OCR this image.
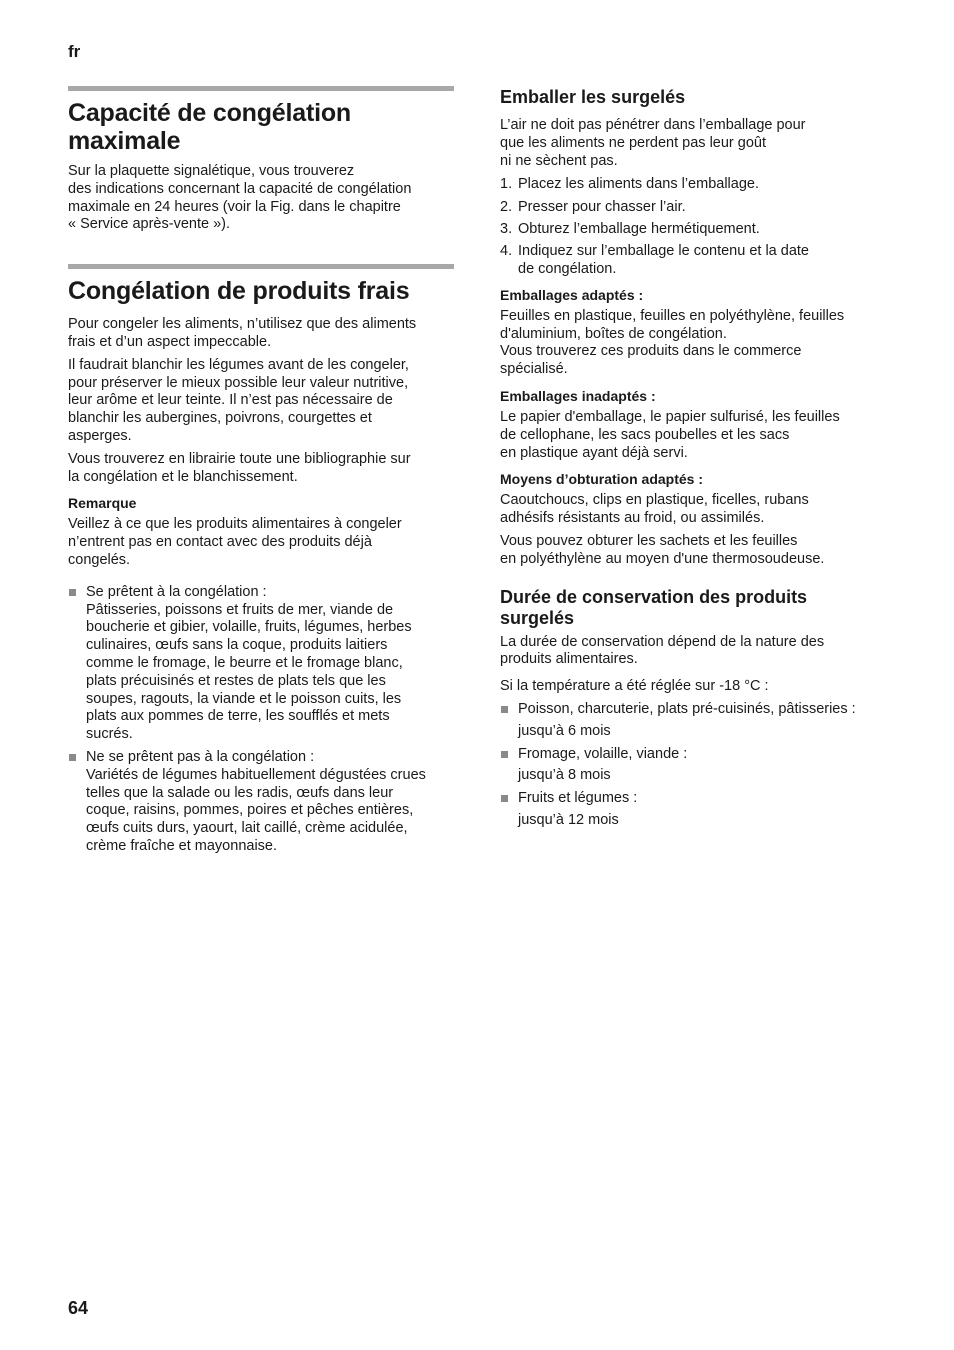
fr
Capacité de congélation
maximale

Sur la plaquette signalétique, vous trouverez
des indications concernant la capacité de congélation
maximale en 24 heures (voir la Fig. dans le chapitre
« Service après-vente »).

Congélation de produits frais

Pour congeler les aliments, n’utilisez que des aliments
frais et d’un aspect impeccable.

Il faudrait blanchir les légumes avant de les congeler,
pour préserver le mieux possible leur valeur nutritive,
leur arôme et leur teinte. Il n’est pas nécessaire de
blanchir les aubergines, poivrons, courgettes et
asperges.

Vous trouverez en librairie toute une bibliographie sur
la congélation et le blanchissement.

Remarque

Veillez à ce que les produits alimentaires à congeler
n’entrent pas en contact avec des produits déjà
congelés.

Se prêtent à la congélation :
Pâtisseries, poissons et fruits de mer, viande de
boucherie et gibier, volaille, fruits, légumes, herbes
culinaires, œufs sans la coque, produits laitiers
comme le fromage, le beurre et le fromage blanc,
plats précuisinés et restes de plats tels que les
soupes, ragouts, la viande et le poisson cuits, les
plats aux pommes de terre, les soufflés et mets
sucrés.
Ne se prêtent pas à la congélation :
Variétés de légumes habituellement dégustées crues
telles que la salade ou les radis, œufs dans leur
coque, raisins, pommes, poires et pêches entières,
œufs cuits durs, yaourt, lait caillé, crème acidulée,
crème fraîche et mayonnaise.
Emballer les surgelés

L’air ne doit pas pénétrer dans l’emballage pour
que les aliments ne perdent pas leur goût
ni ne sèchent pas.

1. Placez les aliments dans l’emballage.
2. Presser pour chasser l’air.
3. Obturez l’emballage hermétiquement.
4. Indiquez sur l’emballage le contenu et la date
de congélation.
Emballages adaptés :

Feuilles en plastique, feuilles en polyéthylène, feuilles
d'aluminium, boîtes de congélation.
Vous trouverez ces produits dans le commerce
spécialisé.

Emballages inadaptés :

Le papier d'emballage, le papier sulfurisé, les feuilles
de cellophane, les sacs poubelles et les sacs
en plastique ayant déjà servi.

Moyens d’obturation adaptés :

Caoutchoucs, clips en plastique, ficelles, rubans
adhésifs résistants au froid, ou assimilés.

Vous pouvez obturer les sachets et les feuilles
en polyéthylène au moyen d'une thermosoudeuse.

Durée de conservation des produits
surgelés

La durée de conservation dépend de la nature des
produits alimentaires.

Si la température a été réglée sur -18 °C :

Poisson, charcuterie, plats pré-cuisinés, pâtisseries :
jusqu’à 6 mois
Fromage, volaille, viande :
jusqu’à 8 mois
Fruits et légumes :
jusqu’à 12 mois
64
